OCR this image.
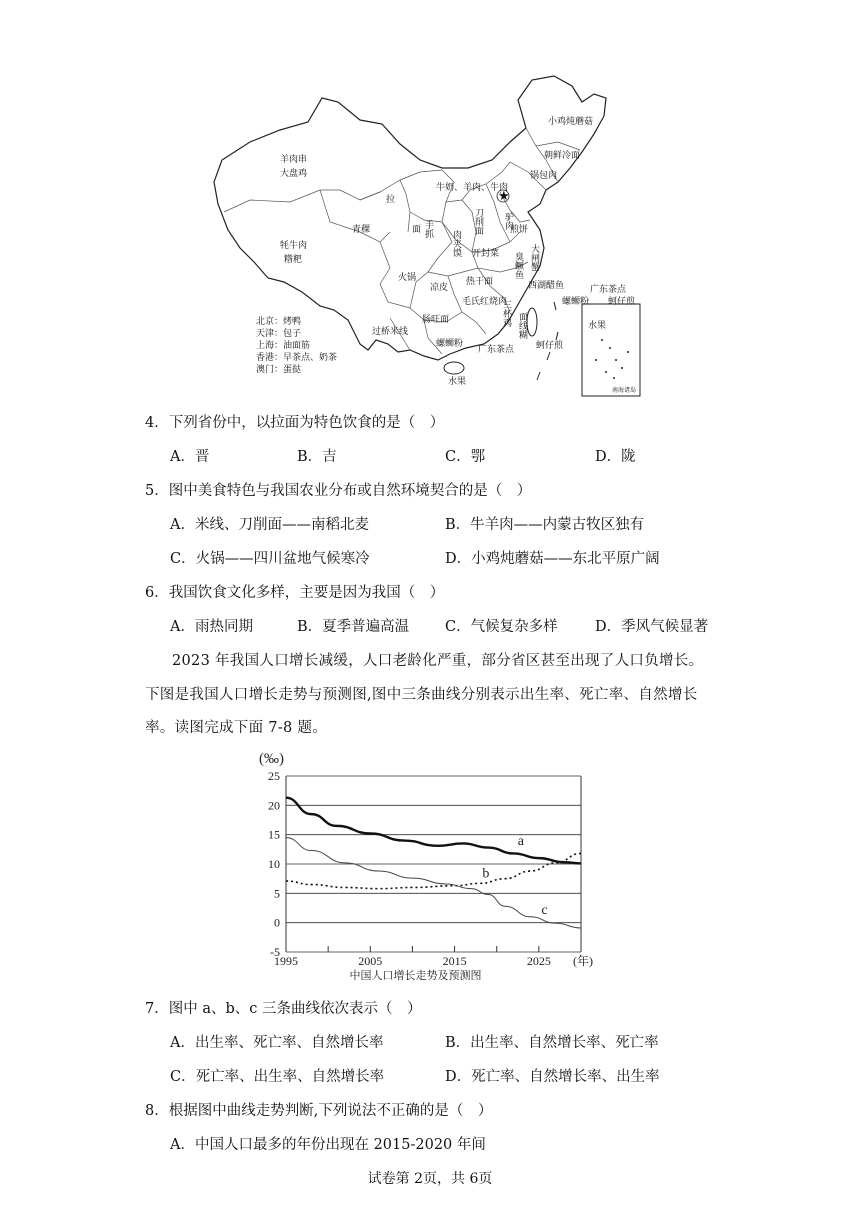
★
羊肉串
大盘鸡
牦牛肉
糌粑
青稞
拉
面 手抓
肉夹馍
刀削面 驴肉
煎饼
开封菜
火锅
凉皮
热干面
臭鳜鱼 大闸蟹
西湖醋鱼
毛氏红烧肉
三杯鸡 面线糊
肠旺面
过桥米线
螺蛳粉
广东茶点
水果
牛奶、羊肉、牛肉
小鸡炖蘑菇
朝鲜冷面
锅包肉
蚵仔煎
广东茶点
螺蛳粉 蚵仔煎
水果
南海诸岛
北京：烤鸭
天津：包子
上海：油面筋
香港：早茶点、奶茶
澳门：蛋挞
4．下列省份中，以拉面为特色饮食的是（　）
A．晋	B．吉	C．鄂	D．陇
5．图中美食特色与我国农业分布或自然环境契合的是（　）
A．米线、刀削面——南稻北麦	B．牛羊肉——内蒙古牧区独有
C．火锅——四川盆地气候寒冷	D．小鸡炖蘑菇——东北平原广阔
6．我国饮食文化多样，主要是因为我国（　）
A．雨热同期	B．夏季普遍高温 C．气候复杂多样	D．季风气候显著
2023 年我国人口增长减缓，人口老龄化严重，部分省区甚至出现了人口负增长。
下图是我国人口增长走势与预测图,图中三条曲线分别表示出生率、死亡率、自然增长
率。读图完成下面 7-8 题。
25
20
15
10
5
0
-5
1995	2005	2015	2025
a
b
c
(‰)
(年)
中国人口增长走势及预测图
7．图中 a、b、c 三条曲线依次表示（　）
A．出生率、死亡率、自然增长率	B．出生率、自然增长率、死亡率
C．死亡率、出生率、自然增长率	D．死亡率、自然增长率、出生率
8．根据图中曲线走势判断,下列说法不正确的是（　）
A．中国人口最多的年份出现在 2015-2020 年间
试卷第 2页，共 6页
